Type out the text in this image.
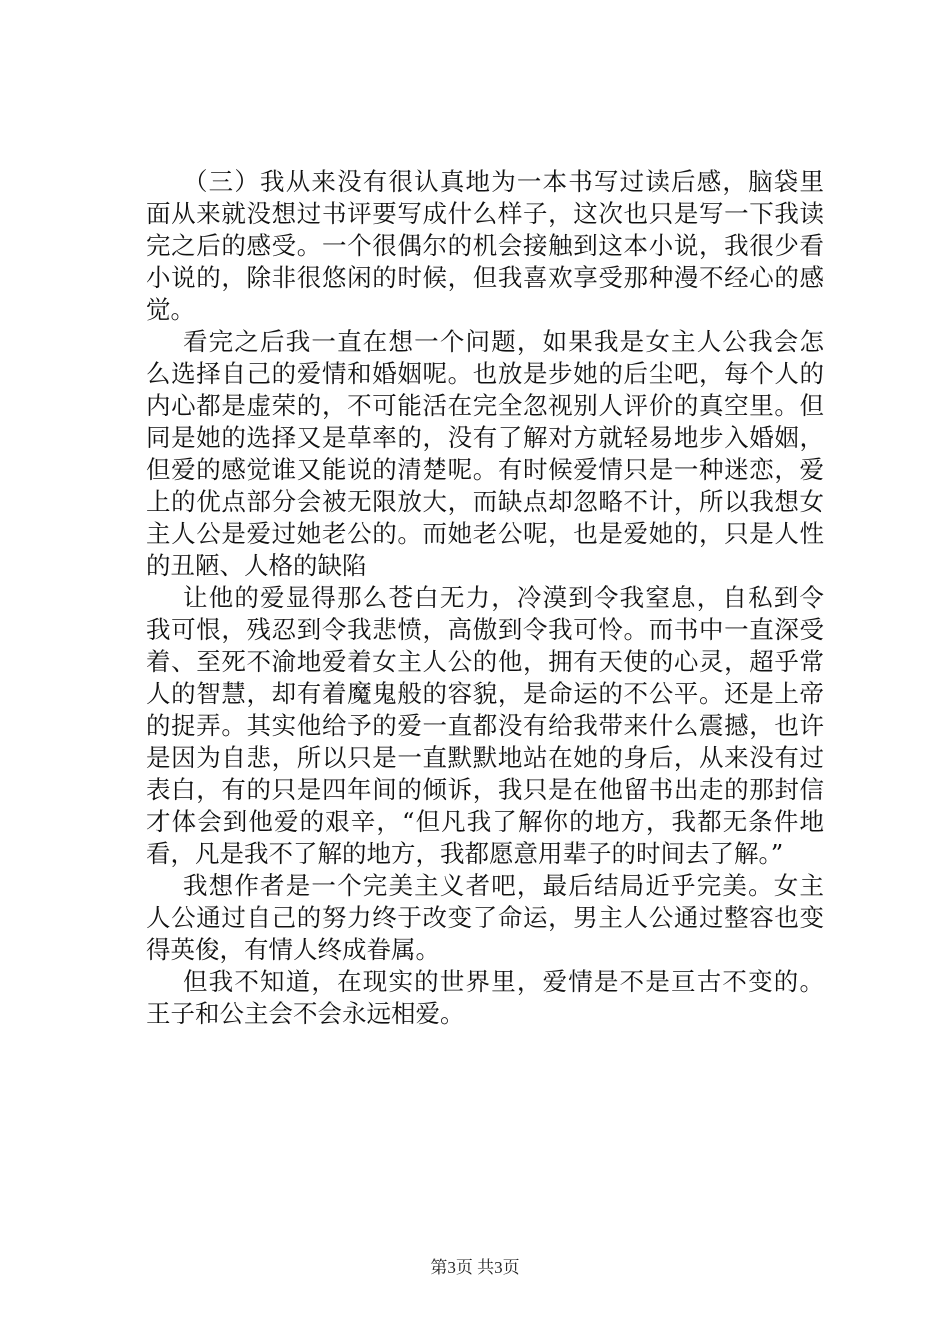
（三）我从来没有很认真地为一本书写过读后感，脑袋里
面从来就没想过书评要写成什么样子，这次也只是写一下我读
完之后的感受。一个很偶尔的机会接触到这本小说，我很少看
小说的，除非很悠闲的时候，但我喜欢享受那种漫不经心的感
觉。
看完之后我一直在想一个问题，如果我是女主人公我会怎
么选择自己的爱情和婚姻呢。也放是步她的后尘吧，每个人的
内心都是虚荣的，不可能活在完全忽视别人评价的真空里。但
同是她的选择又是草率的，没有了解对方就轻易地步入婚姻，
但爱的感觉谁又能说的清楚呢。有时候爱情只是一种迷恋，爱
上的优点部分会被无限放大，而缺点却忽略不计，所以我想女
主人公是爱过她老公的。而她老公呢，也是爱她的，只是人性
的丑陋、人格的缺陷
让他的爱显得那么苍白无力，冷漠到令我窒息，自私到令
我可恨，残忍到令我悲愤，高傲到令我可怜。而书中一直深受
着、至死不渝地爱着女主人公的他，拥有天使的心灵，超乎常
人的智慧，却有着魔鬼般的容貌，是命运的不公平。还是上帝
的捉弄。其实他给予的爱一直都没有给我带来什么震撼，也许
是因为自悲，所以只是一直默默地站在她的身后，从来没有过
表白，有的只是四年间的倾诉，我只是在他留书出走的那封信
才体会到他爱的艰辛，“但凡我了解你的地方，我都无条件地
看，凡是我不了解的地方，我都愿意用辈子的时间去了解。”
我想作者是一个完美主义者吧，最后结局近乎完美。女主
人公通过自己的努力终于改变了命运，男主人公通过整容也变
得英俊，有情人终成眷属。
但我不知道，在现实的世界里，爱情是不是亘古不变的。
王子和公主会不会永远相爱。
第3页 共3页
